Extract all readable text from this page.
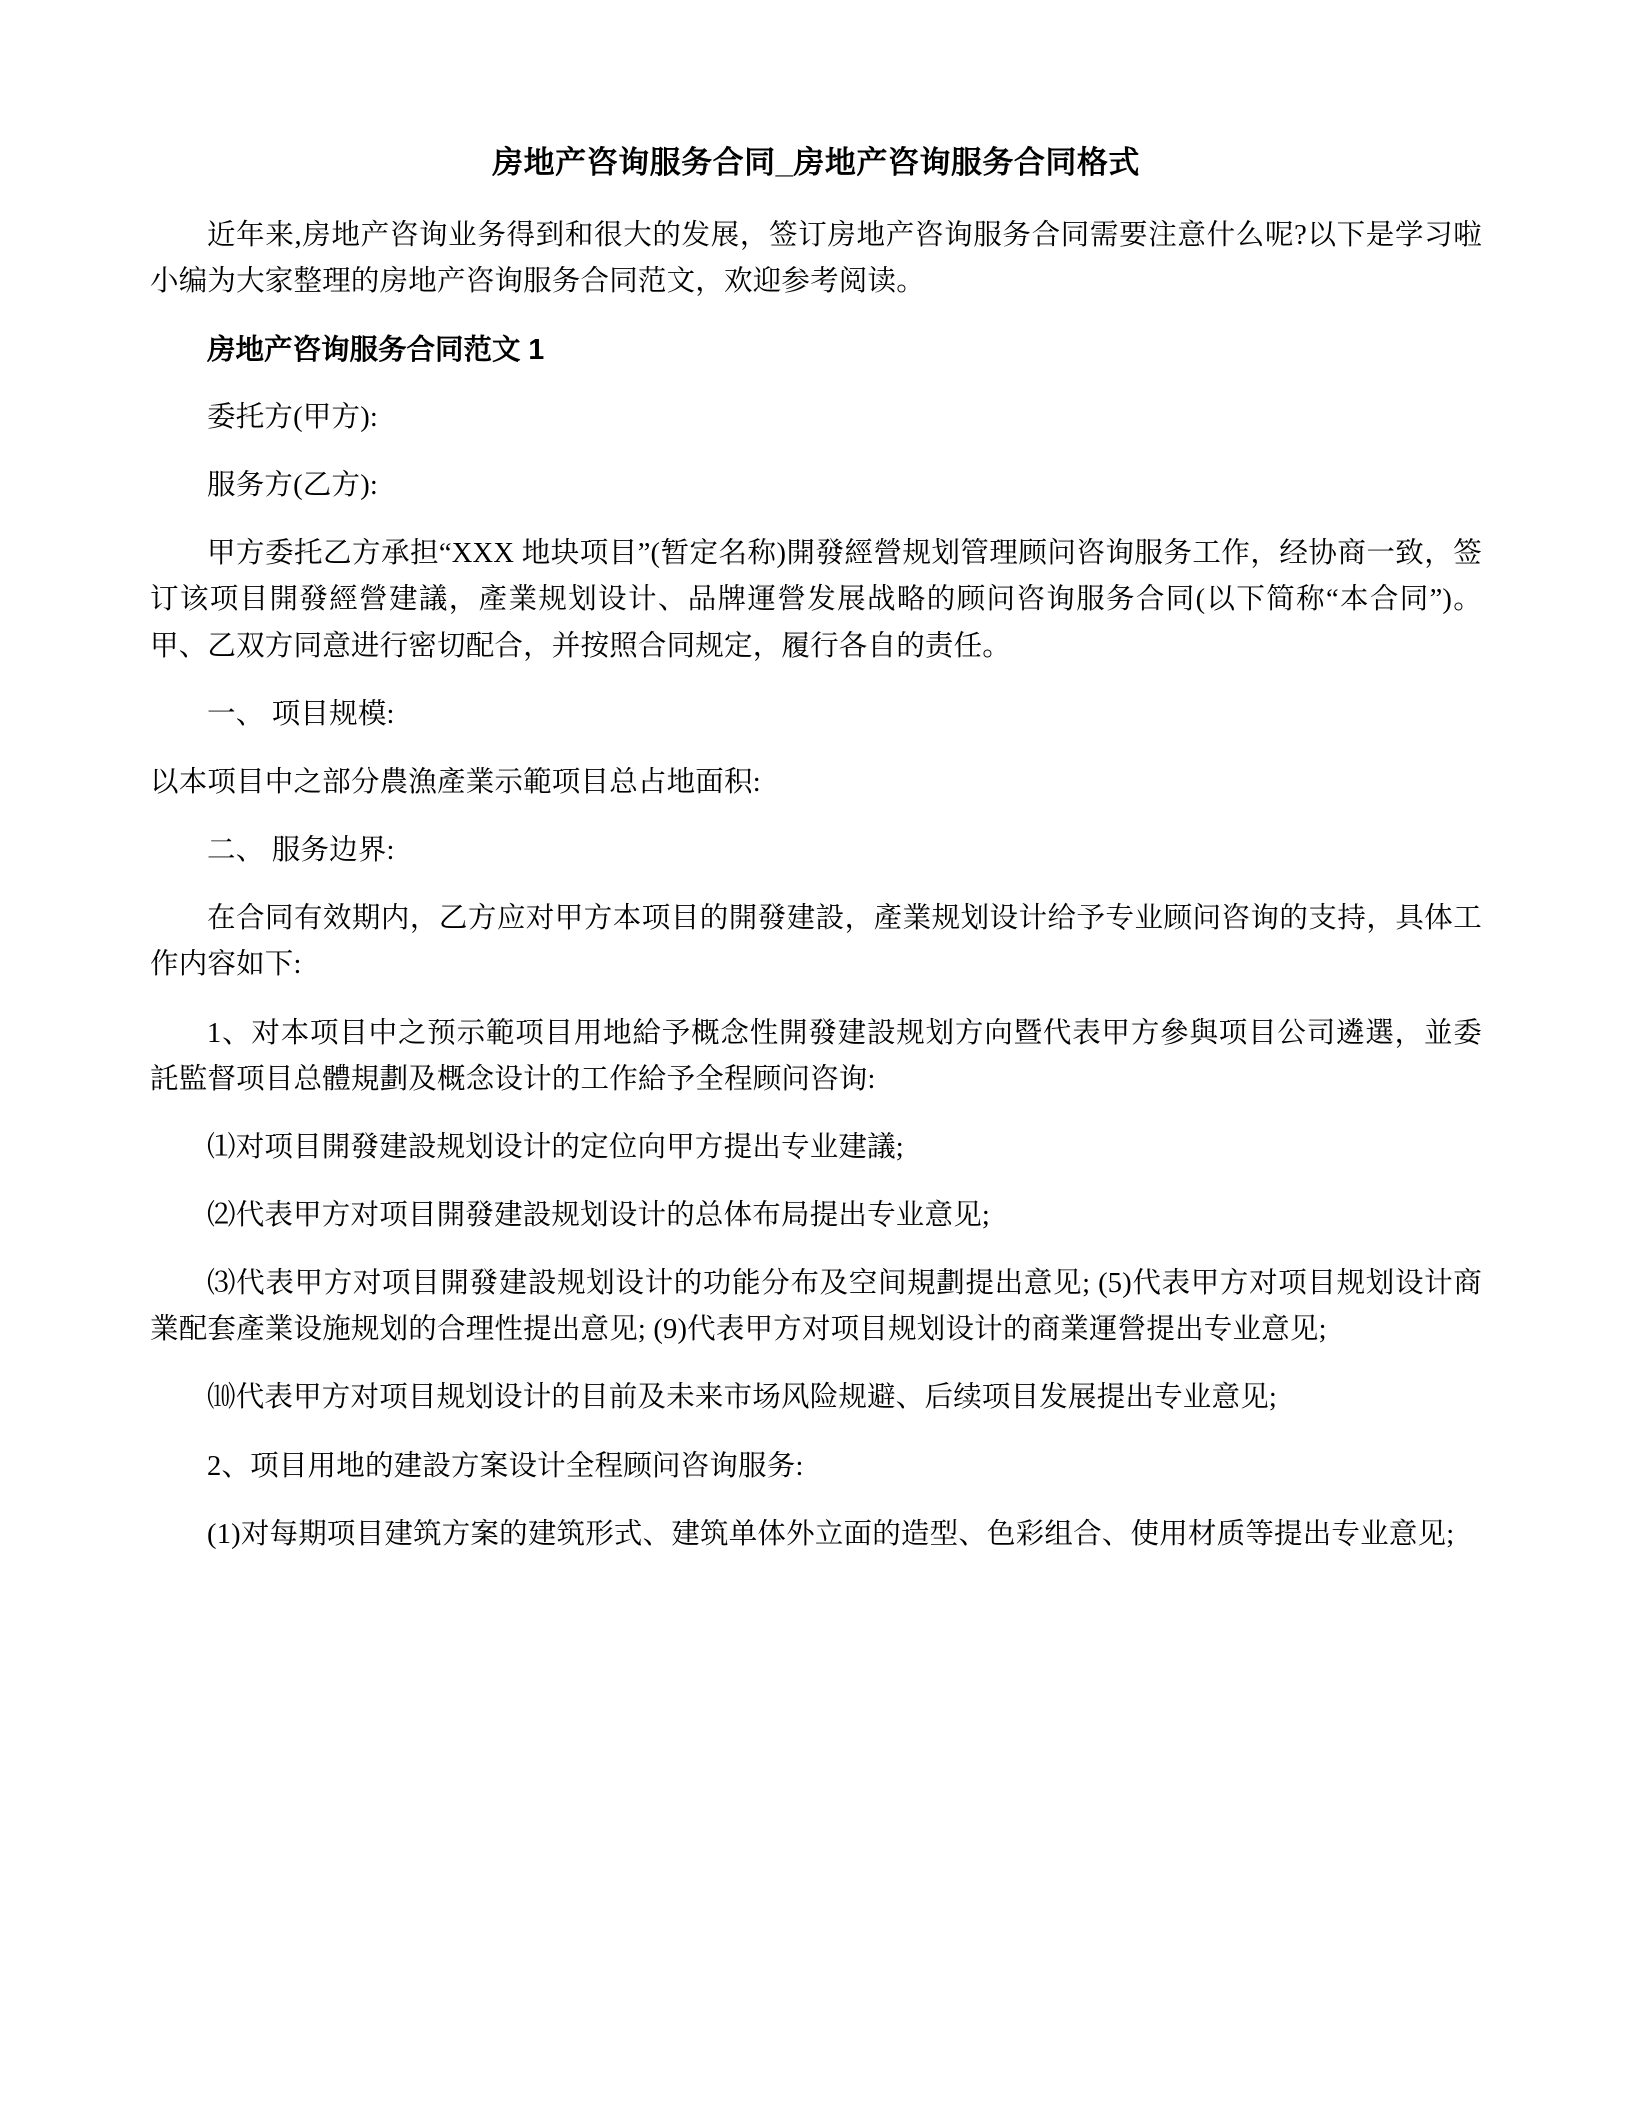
房地产咨询服务合同_房地产咨询服务合同格式

近年来,房地产咨询业务得到和很大的发展，签订房地产咨询服务合同需要注意什么呢?以下是学习啦小编为大家整理的房地产咨询服务合同范文，欢迎参考阅读。

房地产咨询服务合同范文 1

委托方(甲方):

服务方(乙方):

甲方委托乙方承担“XXX 地块项目”(暂定名称)開發經營规划管理顾问咨询服务工作，经协商一致，签订该项目開發經營建議，產業规划设计、品牌運營发展战略的顾问咨询服务合同(以下简称“本合同”)。甲、乙双方同意进行密切配合，并按照合同规定，履行各自的责任。

一、 项目规模:

以本项目中之部分農漁產業示範项目总占地面积:

二、 服务边界:

在合同有效期内，乙方应对甲方本项目的開發建設，產業规划设计给予专业顾问咨询的支持，具体工作内容如下:

1、对本项目中之预示範项目用地給予概念性開發建設规划方向暨代表甲方參與项目公司遴選，並委託監督项目总體規劃及概念设计的工作給予全程顾问咨询:

⑴对项目開發建設规划设计的定位向甲方提出专业建議;

⑵代表甲方对项目開發建設规划设计的总体布局提出专业意见;

⑶代表甲方对项目開發建設规划设计的功能分布及空间規劃提出意见; (5)代表甲方对项目规划设计商業配套產業设施规划的合理性提出意见; (9)代表甲方对项目规划设计的商業運營提出专业意见;

⑽代表甲方对项目规划设计的目前及未来市场风险规避、后续项目发展提出专业意见;

2、项目用地的建設方案设计全程顾问咨询服务:

(1)对每期项目建筑方案的建筑形式、建筑单体外立面的造型、色彩组合、使用材质等提出专业意见;
